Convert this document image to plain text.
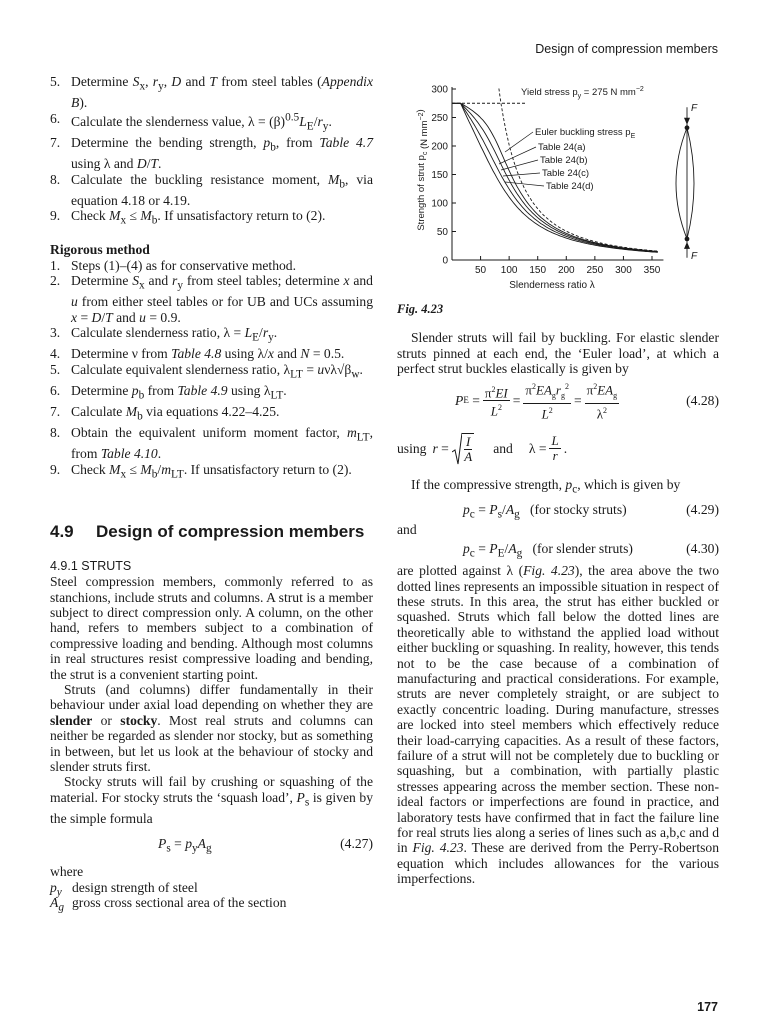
Design of compression members
5. Determine $S_x$, $r_y$, D and T from steel tables (Appendix B).
6. Calculate the slenderness value, $\lambda = (\beta)^{0.5}L_E/r_y$.
7. Determine the bending strength, $p_b$, from Table 4.7 using λ and D/T.
8. Calculate the buckling resistance moment, $M_b$, via equation 4.18 or 4.19.
9. Check $M_x \le M_b$. If unsatisfactory return to (2).
Rigorous method
1. Steps (1)–(4) as for conservative method.
2. Determine $S_x$ and $r_y$ from steel tables; determine x and u from either steel tables or for UB and UCs assuming x = D/T and u = 0.9.
3. Calculate slenderness ratio, $\lambda = L_E/r_y$.
4. Determine ν from Table 4.8 using λ/x and N = 0.5.
5. Calculate equivalent slenderness ratio, $\lambda_{LT} = u\nu\lambda√\beta_w$.
6. Determine $p_b$ from Table 4.9 using $\lambda_{LT}$.
7. Calculate $M_b$ via equations 4.22–4.25.
8. Obtain the equivalent uniform moment factor, $m_{LT}$, from Table 4.10.
9. Check $M_x \le M_b/m_{LT}$. If unsatisfactory return to (2).
4.9 Design of compression members
4.9.1 STRUTS

Steel compression members, commonly referred to as stanchions, include struts and columns. A strut is a member subject to direct compression only. A column, on the other hand, refers to members subject to a combination of compressive loading and bending. Although most columns in real structures resist compressive loading and bending, the strut is a convenient starting point.

Struts (and columns) differ fundamentally in their behaviour under axial load depending on whether they are slender or stocky. Most real struts and columns can neither be regarded as slender nor stocky, but as something in between, but let us look at the behaviour of stocky and slender struts first.

Stocky struts will fail by crushing or squashing of the material. For stocky struts the ‘squash load’, $P_s$ is given by the simple formula

$P_s = p_yA_g$	(4.27)
where
$p_y$ design strength of steel
$A_g$ gross cross sectional area of the section
0
50
100
150
200
250
300
50 100 150 200 250 300 350
Slenderness ratio λ
Strength of strut $p_c$ (N $mm^{-2}$)
Yield stress $p_y = 275$ N $mm^{-2}$
Euler buckling stress $p_E$
Table 24(a)
Table 24(b)
Table 24(c)
Table 24(d)
F
F
Fig. 4.23

Slender struts will fail by buckling. For elastic slender struts pinned at each end, the ‘Euler load’, at which a perfect strut buckles elastically is given by

P $E = \frac{\pi^2EI}{L^2} = \frac{\pi^2EA_gr_g^2}{L^2} = \frac{\pi^2EA_g}{\lambda^2}$	(4.28)
using $r = \frac{I}{A}$ and $\lambda = \frac{L}{r}$ .

If the compressive strength, $p_c$, which is given by

$p_c = P_s/A_g$   (for stocky struts)	(4.29)
and
$p_c = P_E/A_g$   (for slender struts)	(4.30)

are plotted against λ (Fig. 4.23), the area above the two dotted lines represents an impossible situation in respect of these struts. In this area, the strut has either buckled or squashed. Struts which fall below the dotted lines are theoretically able to withstand the applied load without either buckling or squashing. In reality, however, this tends not to be the case because of a combination of manufacturing and practical considerations. For example, struts are never completely straight, or are subject to exactly concentric loading. During manufacture, stresses are locked into steel members which effectively reduce their load-carrying capacities. As a result of these factors, failure of a strut will not be completely due to buckling or squashing, but a combination, with partially plastic stresses appearing across the member section. These non-ideal factors or imperfections are found in practice, and laboratory tests have confirmed that in fact the failure line for real struts lies along a series of lines such as a,b,c and d in Fig. 4.23. These are derived from the Perry-Robertson equation which includes allowances for the various imperfections.

177
